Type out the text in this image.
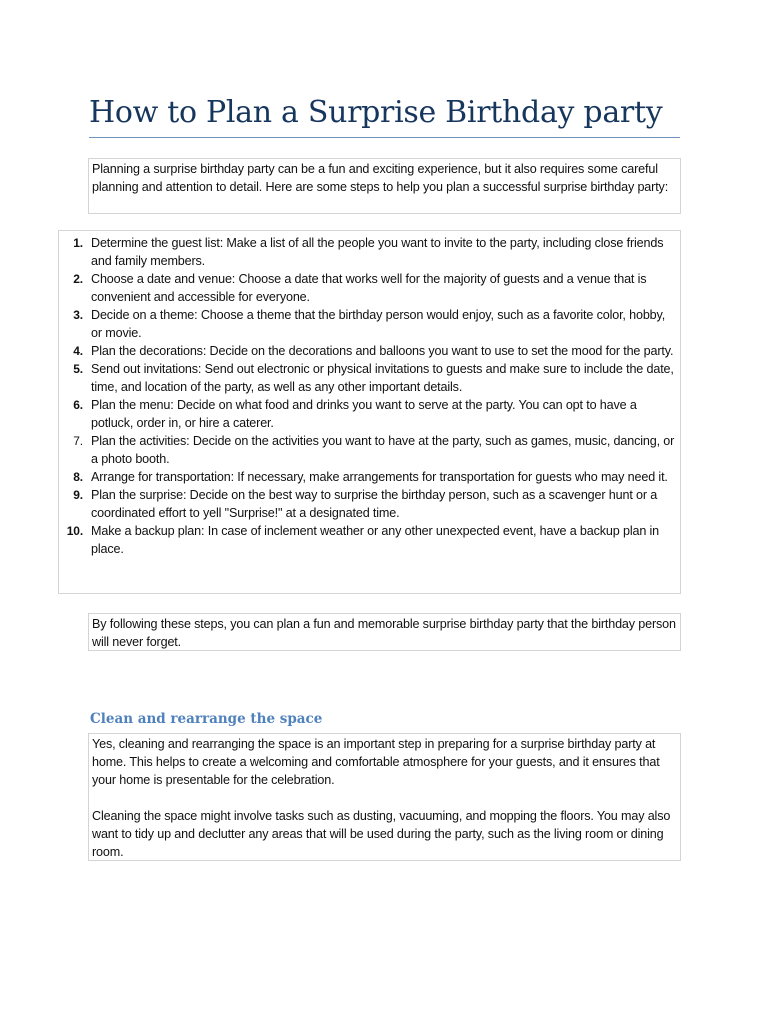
How to Plan a Surprise Birthday party
Planning a surprise birthday party can be a fun and exciting experience, but it also requires some careful planning and attention to detail. Here are some steps to help you plan a successful surprise birthday party:
1. Determine the guest list: Make a list of all the people you want to invite to the party, including close friends and family members.
2. Choose a date and venue: Choose a date that works well for the majority of guests and a venue that is convenient and accessible for everyone.
3. Decide on a theme: Choose a theme that the birthday person would enjoy, such as a favorite color, hobby, or movie.
4. Plan the decorations: Decide on the decorations and balloons you want to use to set the mood for the party.
5. Send out invitations: Send out electronic or physical invitations to guests and make sure to include the date, time, and location of the party, as well as any other important details.
6. Plan the menu: Decide on what food and drinks you want to serve at the party. You can opt to have a potluck, order in, or hire a caterer.
7. Plan the activities: Decide on the activities you want to have at the party, such as games, music, dancing, or a photo booth.
8. Arrange for transportation: If necessary, make arrangements for transportation for guests who may need it.
9. Plan the surprise: Decide on the best way to surprise the birthday person, such as a scavenger hunt or a coordinated effort to yell "Surprise!" at a designated time.
10. Make a backup plan: In case of inclement weather or any other unexpected event, have a backup plan in place.
By following these steps, you can plan a fun and memorable surprise birthday party that the birthday person will never forget.
Clean and rearrange the space

Yes, cleaning and rearranging the space is an important step in preparing for a surprise birthday party at home. This helps to create a welcoming and comfortable atmosphere for your guests, and it ensures that your home is presentable for the celebration.

Cleaning the space might involve tasks such as dusting, vacuuming, and mopping the floors. You may also want to tidy up and declutter any areas that will be used during the party, such as the living room or dining room.
